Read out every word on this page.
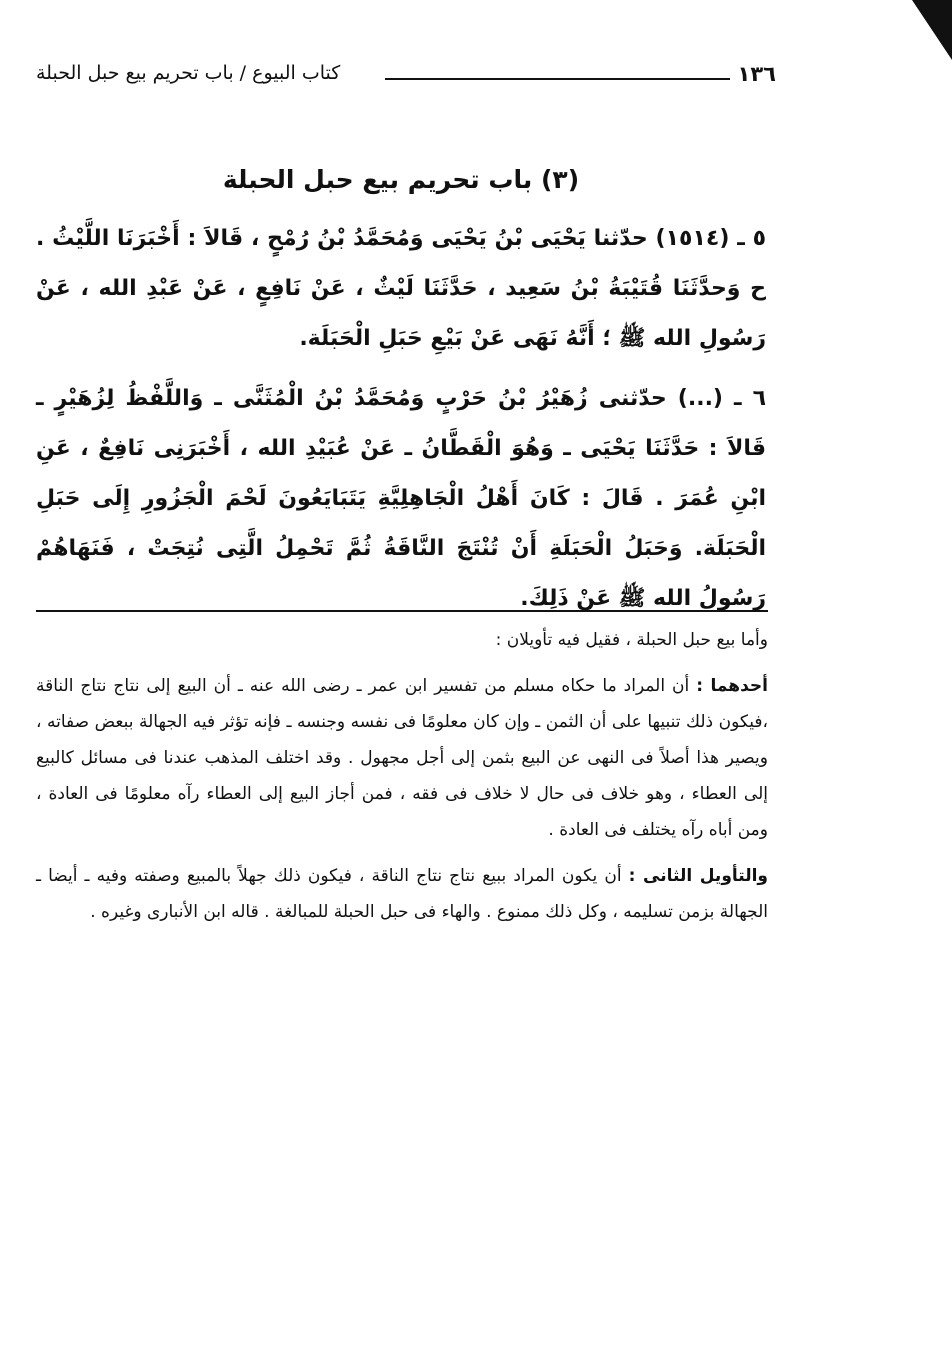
١٣٦
كتاب البيوع / باب تحريم بيع حبل الحبلة
(٣) باب تحريم بيع حبل الحبلة

٥ ـ (١٥١٤) حدّثنا يَحْيَى بْنُ يَحْيَى وَمُحَمَّدُ بْنُ رُمْحٍ ، قَالاَ : أَخْبَرَنَا اللَّيْثُ . ح وَحدَّثَنَا قُتَيْبَةُ بْنُ سَعِيد ، حَدَّثَنَا لَيْثٌ ، عَنْ نَافِعٍ ، عَنْ عَبْدِ الله ، عَنْ رَسُولِ الله ﷺ ؛ أَنَّهُ نَهَى عَنْ بَيْعِ حَبَلِ الْحَبَلَة.

٦ ـ (...) حدّثنى زُهَيْرُ بْنُ حَرْبٍ وَمُحَمَّدُ بْنُ الْمُثَنَّى ـ وَاللَّفْظُ لِزُهَيْرٍ ـ قَالاَ : حَدَّثَنَا يَحْيَى ـ وَهُوَ الْقَطَّانُ ـ عَنْ عُبَيْدِ الله ، أَخْبَرَنِى نَافِعٌ ، عَنِ ابْنِ عُمَرَ . قَالَ : كَانَ أَهْلُ الْجَاهِلِيَّةِ يَتَبَايَعُونَ لَحْمَ الْجَزُورِ إِلَى حَبَلِ الْحَبَلَة. وَحَبَلُ الْحَبَلَةِ أَنْ تُنْتَجَ النَّاقَةُ ثُمَّ تَحْمِلُ الَّتِى نُتِجَتْ ، فَنَهَاهُمْ رَسُولُ الله ﷺ عَنْ ذَلِكَ.

وأما بيع حبل الحبلة ، فقيل فيه تأويلان :

أحدهما : أن المراد ما حكاه مسلم من تفسير ابن عمر ـ رضى الله عنه ـ أن البيع إلى نتاج نتاج الناقة ،فيكون ذلك تنبيها على أن الثمن ـ وإن كان معلومًا فى نفسه وجنسه ـ فإنه تؤثر فيه الجهالة ببعض صفاته ، ويصير هذا أصلاً فى النهى عن البيع بثمن إلى أجل مجهول . وقد اختلف المذهب عندنا فى مسائل كالبيع إلى العطاء ، وهو خلاف فى حال لا خلاف فى فقه ، فمن أجاز البيع إلى العطاء رآه معلومًا فى العادة ، ومن أباه رآه يختلف فى العادة .

والتأويل الثانى : أن يكون المراد ببيع نتاج نتاج الناقة ، فيكون ذلك جهلاً بالمبيع وصفته وفيه ـ أيضا ـ الجهالة بزمن تسليمه ، وكل ذلك ممنوع . والهاء فى حبل الحبلة للمبالغة . قاله ابن الأنبارى وغيره .
